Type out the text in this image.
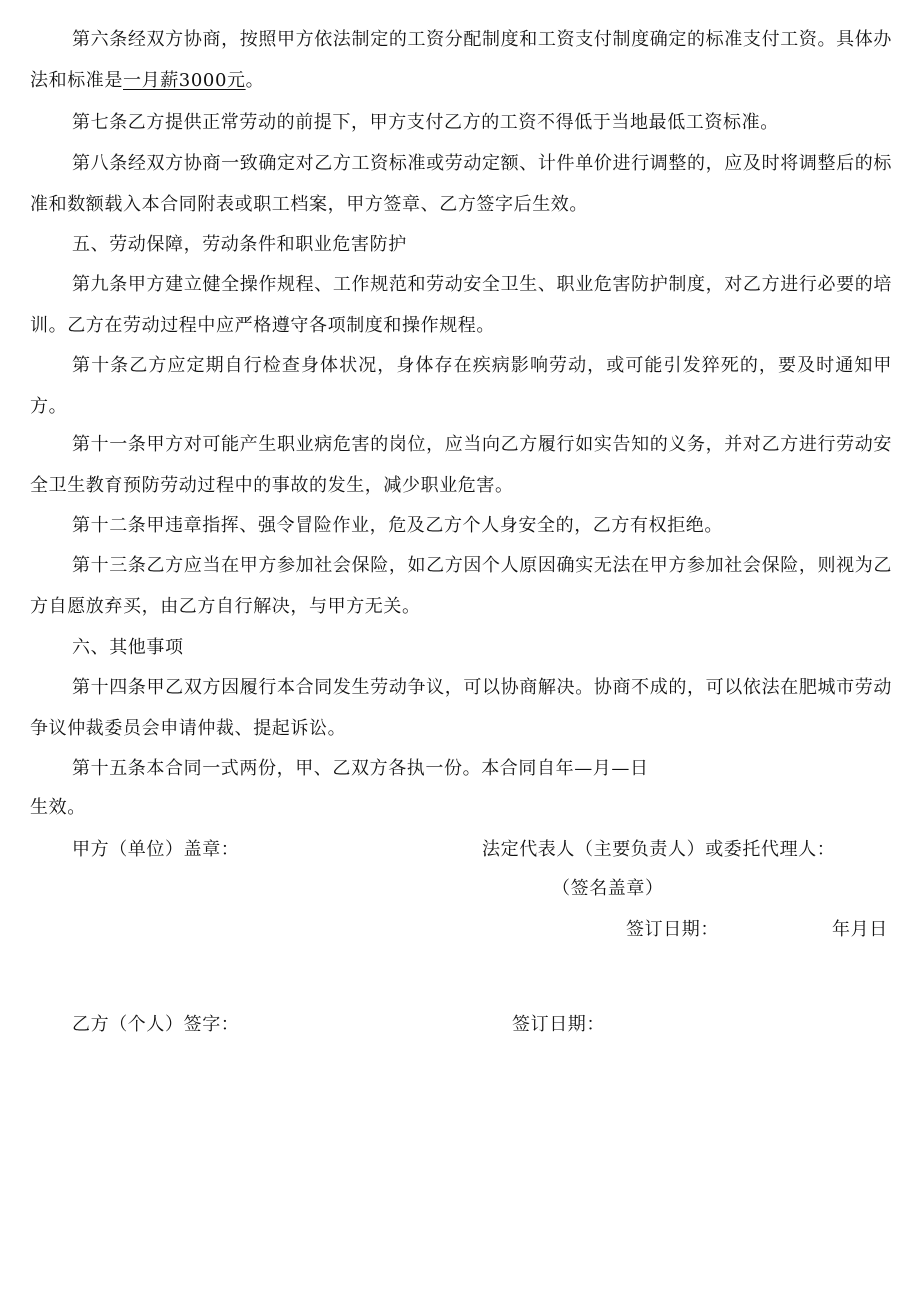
第六条经双方协商，按照甲方依法制定的工资分配制度和工资支付制度确定的标准支付工资。具体办法和标准是一月薪3000元。

第七条乙方提供正常劳动的前提下，甲方支付乙方的工资不得低于当地最低工资标准。

第八条经双方协商一致确定对乙方工资标准或劳动定额、计件单价进行调整的，应及时将调整后的标准和数额载入本合同附表或职工档案，甲方签章、乙方签字后生效。

五、劳动保障，劳动条件和职业危害防护

第九条甲方建立健全操作规程、工作规范和劳动安全卫生、职业危害防护制度，对乙方进行必要的培训。乙方在劳动过程中应严格遵守各项制度和操作规程。

第十条乙方应定期自行检查身体状况，身体存在疾病影响劳动，或可能引发猝死的，要及时通知甲方。

第十一条甲方对可能产生职业病危害的岗位，应当向乙方履行如实告知的义务，并对乙方进行劳动安全卫生教育预防劳动过程中的事故的发生，减少职业危害。

第十二条甲违章指挥、强令冒险作业，危及乙方个人身安全的，乙方有权拒绝。

第十三条乙方应当在甲方参加社会保险，如乙方因个人原因确实无法在甲方参加社会保险，则视为乙方自愿放弃买，由乙方自行解决，与甲方无关。

六、其他事项

第十四条甲乙双方因履行本合同发生劳动争议，可以协商解决。协商不成的，可以依法在肥城市劳动争议仲裁委员会申请仲裁、提起诉讼。

第十五条本合同一式两份，甲、乙双方各执一份。本合同自年—月—日

生效。

甲方（单位）盖章：	法定代表人（主要负责人）或委托代理人：

（签名盖章）

签订日期：	年月日

乙方（个人）签字：	签订日期：
